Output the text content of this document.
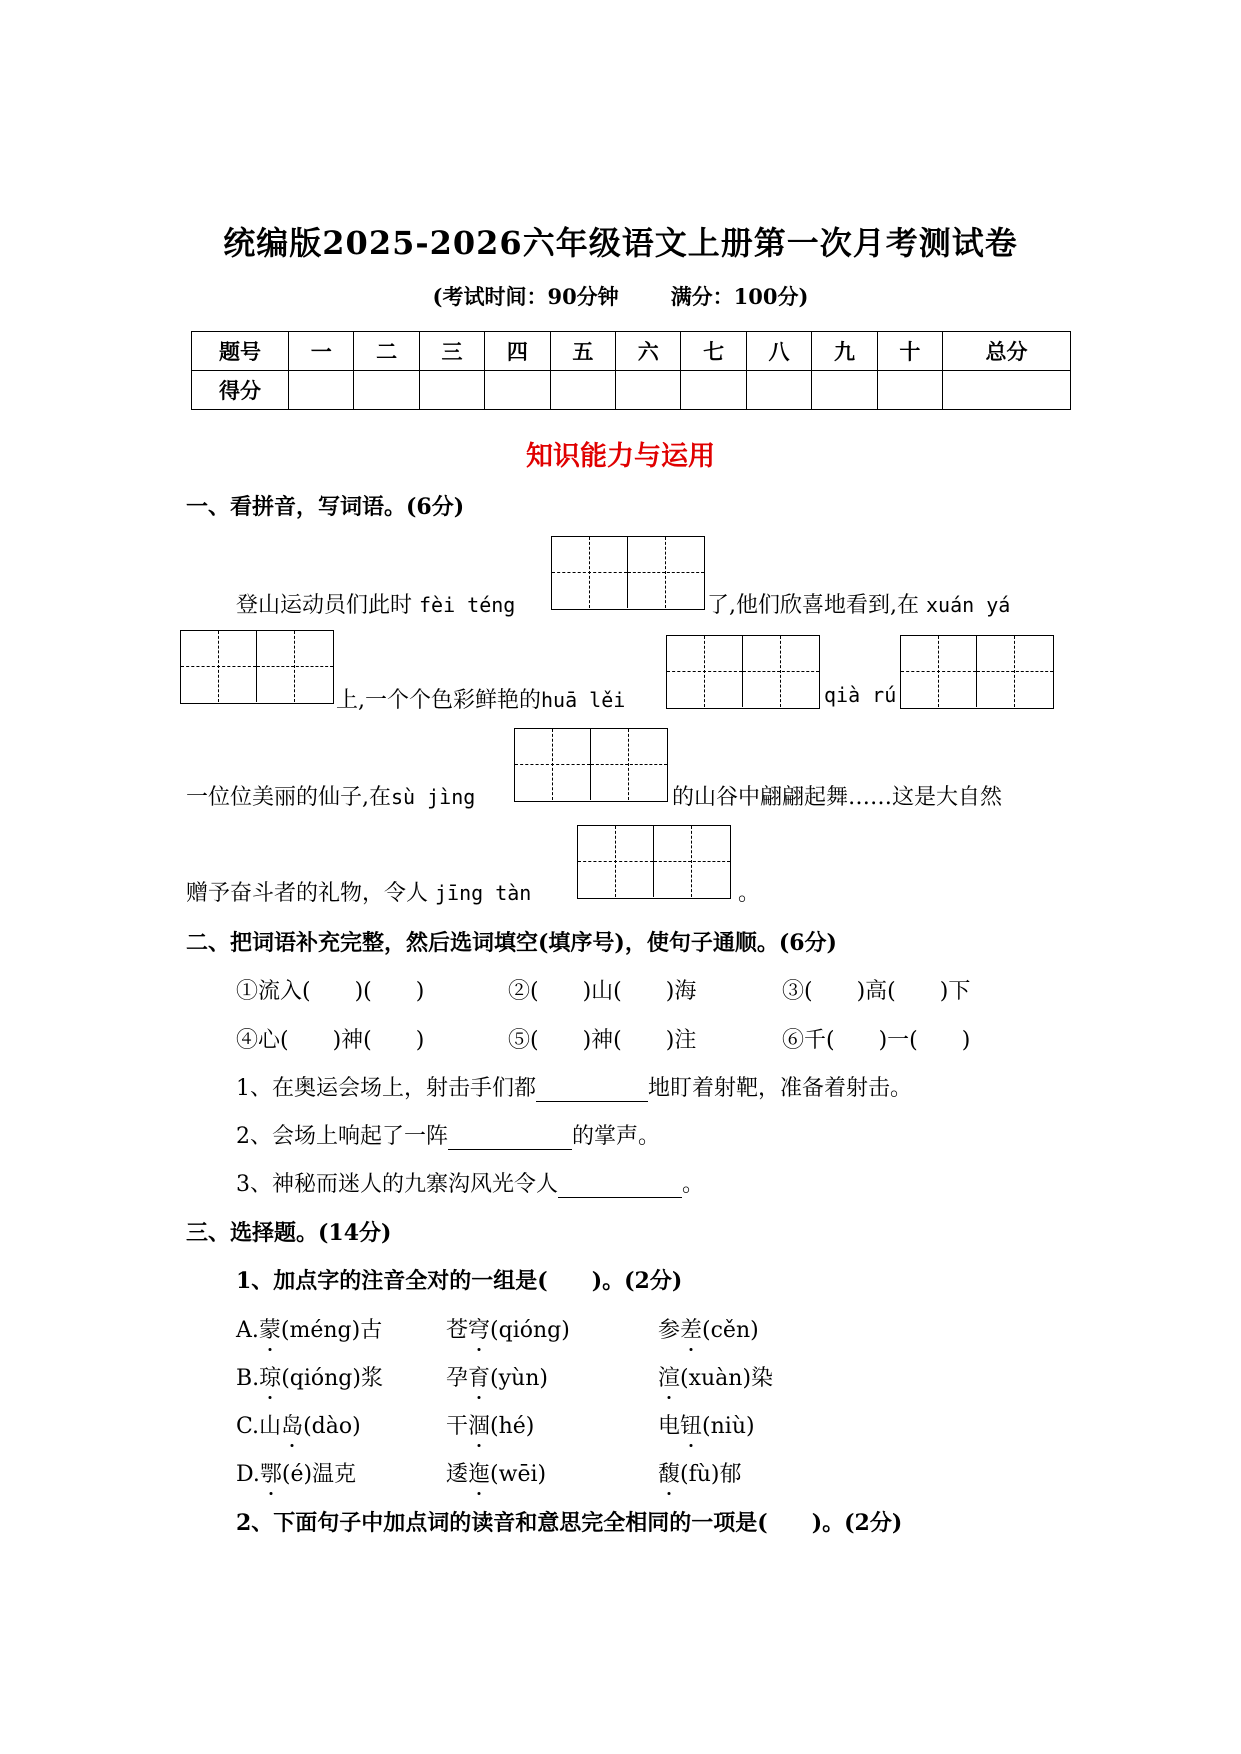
统编版2025-2026六年级语文上册第一次月考测试卷
(考试时间：90分钟 满分：100分)
题号	一	二	三	四	五	六	七	八	九	十	总分
得分											
知识能力与运用
一、看拼音，写词语。(6分)
登山运动员们此时 fèi téng	了,他们欣喜地看到,在 xuán yá
上,一个个色彩鲜艳的huā lěi	qià rú
一位位美丽的仙子,在sù jìng	的山谷中翩翩起舞……这是大自然
赠予奋斗者的礼物，令人 jīng tàn	。
二、把词语补充完整，然后选词填空(填序号)，使句子通顺。(6分)
①流入(　　)(　　)	②(　　)山(　　)海	③(　　)高(　　)下
④心(　　)神(　　)	⑤(　　)神(　　)注	⑥千(　　)一(　　)
1、在奥运会场上，射击手们都	地盯着射靶，准备着射击。
2、会场上响起了一阵	的掌声。
3、神秘而迷人的九寨沟风光令人	。
三、选择题。(14分)
1、加点字的注音全对的一组是(　　)。(2分)
A.蒙(méng)古	苍穹(qióng)	参差(cěn)
B.琼(qióng)浆	孕育(yùn)	渲(xuàn)染
C.山岛(dào)	干涸(hé)	电钮(niù)
D.鄂(é)温克	逶迤(wēi)	馥(fù)郁
2、下面句子中加点词的读音和意思完全相同的一项是(　　)。(2分)
